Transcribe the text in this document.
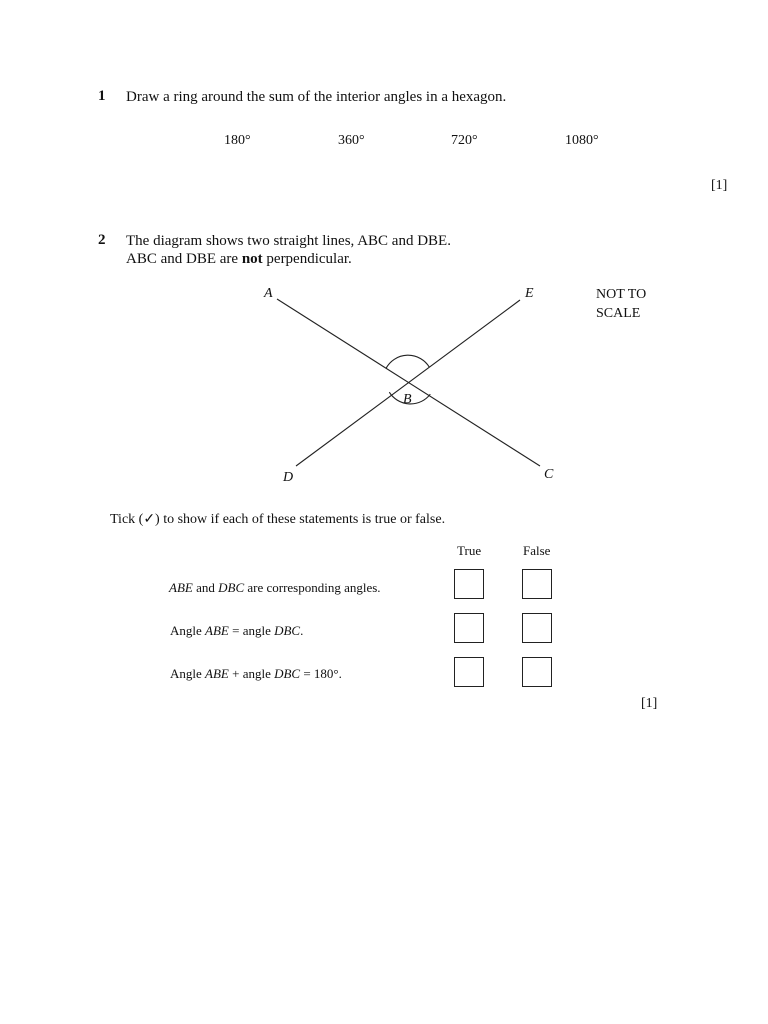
1 Draw a ring around the sum of the interior angles in a hexagon.
180°	360°	720°	1080°
[1]
2 The diagram shows two straight lines, ABC and DBE.
ABC and DBE are not perpendicular.
A	E
B
D	C
NOT TO
SCALE
Tick (✓) to show if each of these statements is true or false.
True	False
ABE and DBC are corresponding angles.
Angle ABE = angle DBC.
Angle ABE + angle DBC = 180°.
[1]
